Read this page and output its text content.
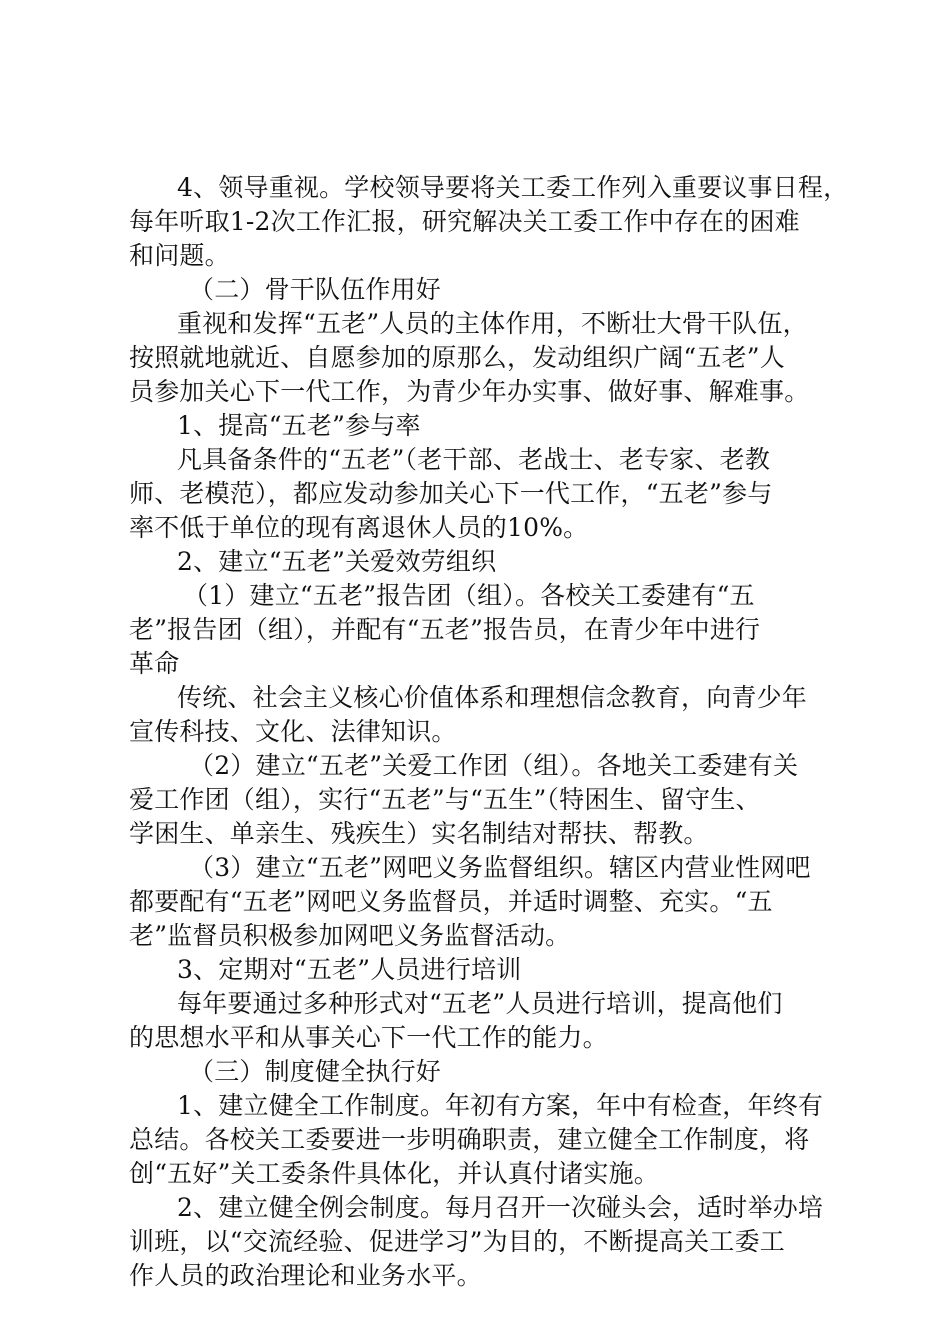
4、领导重视。学校领导要将关工委工作列入重要议事日程，
每年听取1-2次工作汇报，研究解决关工委工作中存在的困难
和问题。
（二）骨干队伍作用好
重视和发挥“五老”人员的主体作用，不断壮大骨干队伍，
按照就地就近、自愿参加的原那么，发动组织广阔“五老”人
员参加关心下一代工作，为青少年办实事、做好事、解难事。
1、提高“五老”参与率
凡具备条件的“五老”（老干部、老战士、老专家、老教
师、老模范），都应发动参加关心下一代工作，“五老”参与
率不低于单位的现有离退休人员的10%。
2、建立“五老”关爱效劳组织
（1）建立“五老”报告团（组）。各校关工委建有“五
老”报告团（组），并配有“五老”报告员，在青少年中进行
革命
传统、社会主义核心价值体系和理想信念教育，向青少年
宣传科技、文化、法律知识。
（2）建立“五老”关爱工作团（组）。各地关工委建有关
爱工作团（组），实行“五老”与“五生”（特困生、留守生、
学困生、单亲生、残疾生）实名制结对帮扶、帮教。
（3）建立“五老”网吧义务监督组织。辖区内营业性网吧
都要配有“五老”网吧义务监督员，并适时调整、充实。“五
老”监督员积极参加网吧义务监督活动。
3、定期对“五老”人员进行培训
每年要通过多种形式对“五老”人员进行培训，提高他们
的思想水平和从事关心下一代工作的能力。
（三）制度健全执行好
1、建立健全工作制度。年初有方案，年中有检查，年终有
总结。各校关工委要进一步明确职责，建立健全工作制度，将
创“五好”关工委条件具体化，并认真付诸实施。
2、建立健全例会制度。每月召开一次碰头会，适时举办培
训班，以“交流经验、促进学习”为目的，不断提高关工委工
作人员的政治理论和业务水平。
